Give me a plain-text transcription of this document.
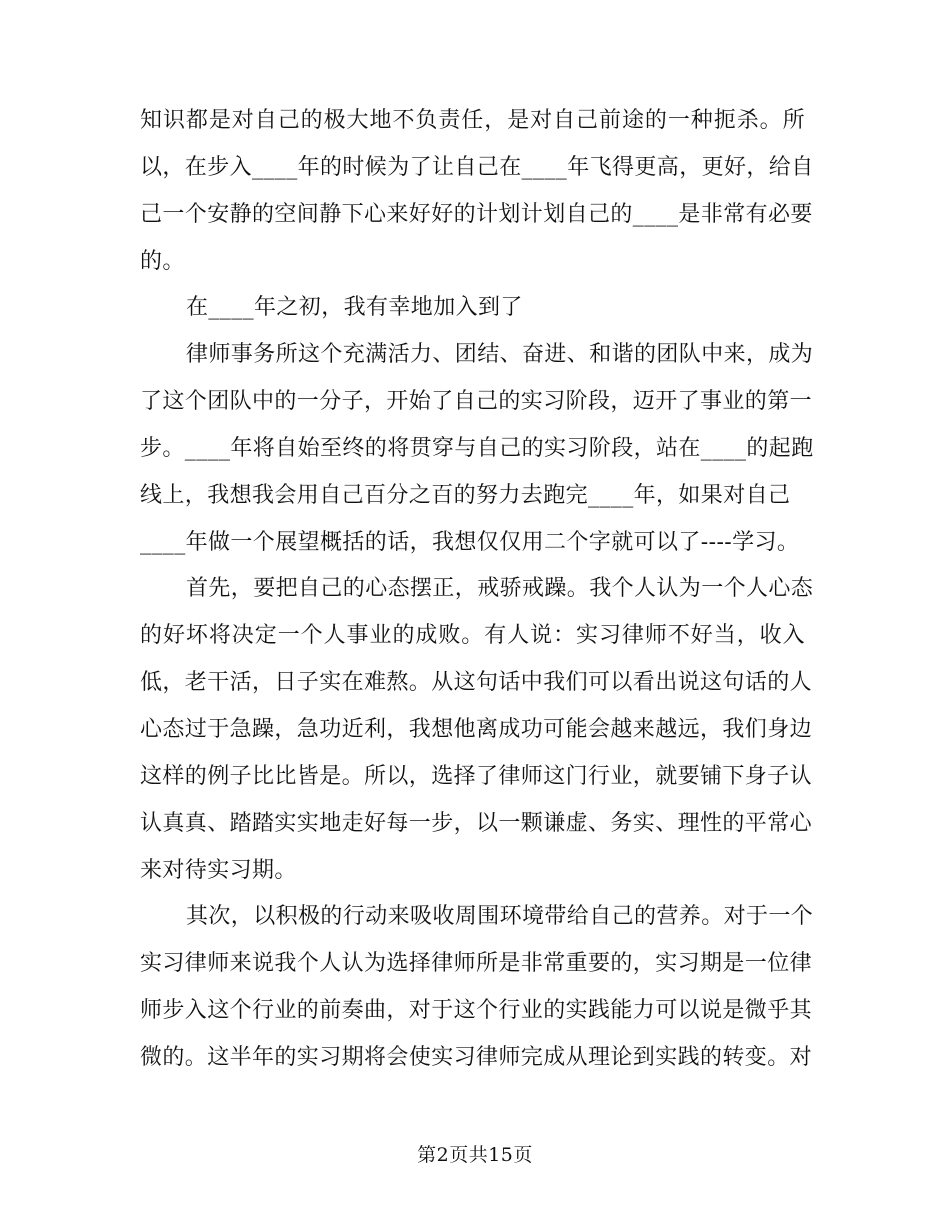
知识都是对自己的极大地不负责任，是对自己前途的一种扼杀。所
以，在步入____年的时候为了让自己在____年飞得更高，更好，给自
己一个安静的空间静下心来好好的计划计划自己的____是非常有必要
的。
在____年之初，我有幸地加入到了
律师事务所这个充满活力、团结、奋进、和谐的团队中来，成为
了这个团队中的一分子，开始了自己的实习阶段，迈开了事业的第一
步。____年将自始至终的将贯穿与自己的实习阶段，站在____的起跑
线上，我想我会用自己百分之百的努力去跑完____年，如果对自己
____年做一个展望概括的话，我想仅仅用二个字就可以了----学习。
首先，要把自己的心态摆正，戒骄戒躁。我个人认为一个人心态
的好坏将决定一个人事业的成败。有人说：实习律师不好当，收入
低，老干活，日子实在难熬。从这句话中我们可以看出说这句话的人
心态过于急躁，急功近利，我想他离成功可能会越来越远，我们身边
这样的例子比比皆是。所以，选择了律师这门行业，就要铺下身子认
认真真、踏踏实实地走好每一步，以一颗谦虚、务实、理性的平常心
来对待实习期。
其次，以积极的行动来吸收周围环境带给自己的营养。对于一个
实习律师来说我个人认为选择律师所是非常重要的，实习期是一位律
师步入这个行业的前奏曲，对于这个行业的实践能力可以说是微乎其
微的。这半年的实习期将会使实习律师完成从理论到实践的转变。对
第2页共15页
